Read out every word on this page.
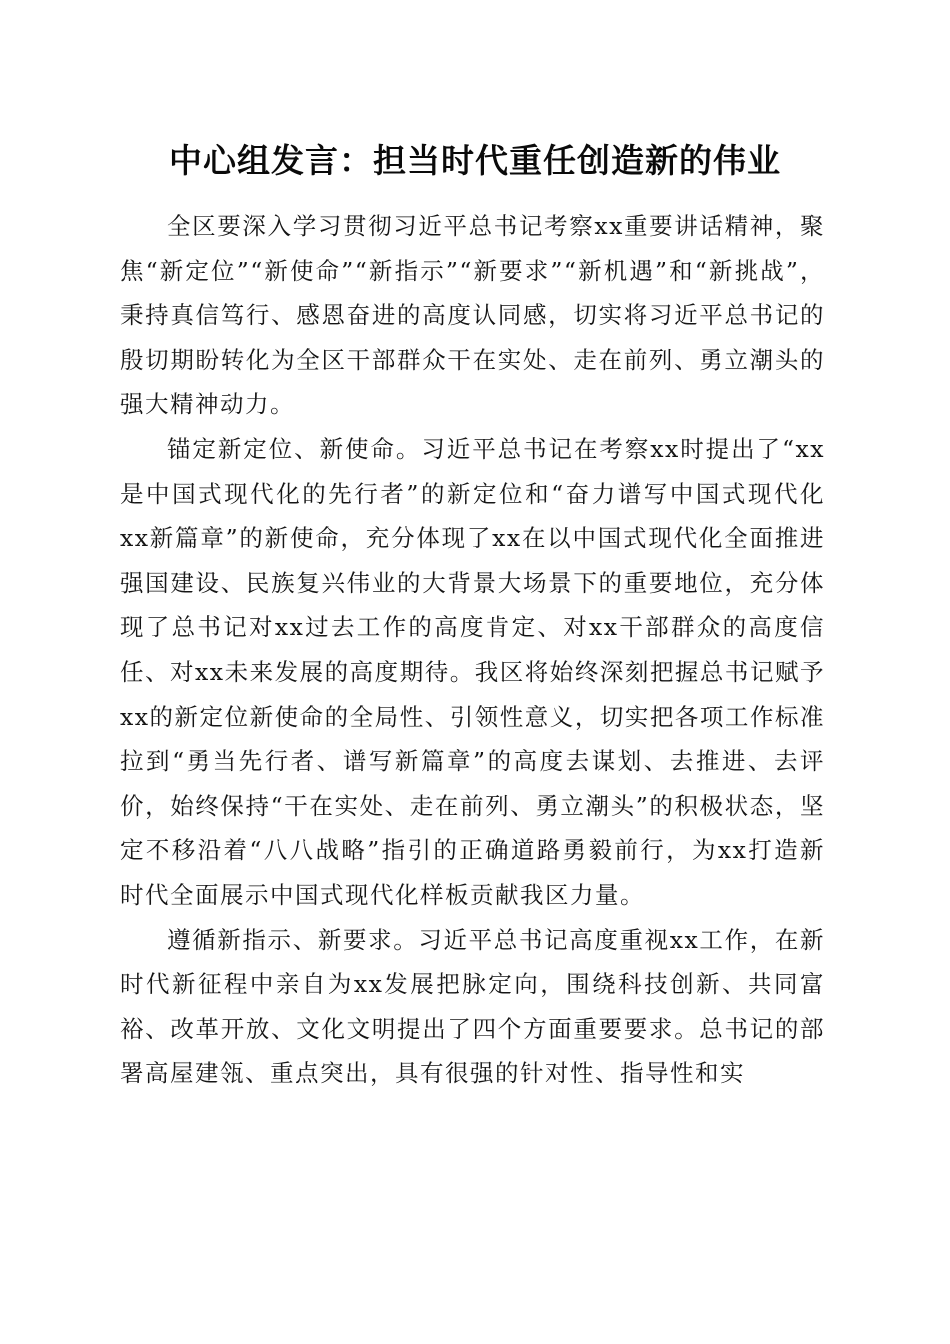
中心组发言：担当时代重任创造新的伟业

全区要深入学习贯彻习近平总书记考察xx重要讲话精神，聚焦“新定位”“新使命”“新指示”“新要求”“新机遇”和“新挑战”，秉持真信笃行、感恩奋进的高度认同感，切实将习近平总书记的殷切期盼转化为全区干部群众干在实处、走在前列、勇立潮头的强大精神动力。

锚定新定位、新使命。习近平总书记在考察xx时提出了“xx是中国式现代化的先行者”的新定位和“奋力谱写中国式现代化xx新篇章”的新使命，充分体现了xx在以中国式现代化全面推进强国建设、民族复兴伟业的大背景大场景下的重要地位，充分体现了总书记对xx过去工作的高度肯定、对xx干部群众的高度信任、对xx未来发展的高度期待。我区将始终深刻把握总书记赋予xx的新定位新使命的全局性、引领性意义，切实把各项工作标准拉到“勇当先行者、谱写新篇章”的高度去谋划、去推进、去评价，始终保持“干在实处、走在前列、勇立潮头”的积极状态，坚定不移沿着“八八战略”指引的正确道路勇毅前行，为xx打造新时代全面展示中国式现代化样板贡献我区力量。

遵循新指示、新要求。习近平总书记高度重视xx工作，在新时代新征程中亲自为xx发展把脉定向，围绕科技创新、共同富裕、改革开放、文化文明提出了四个方面重要要求。总书记的部署高屋建瓴、重点突出，具有很强的针对性、指导性和实
